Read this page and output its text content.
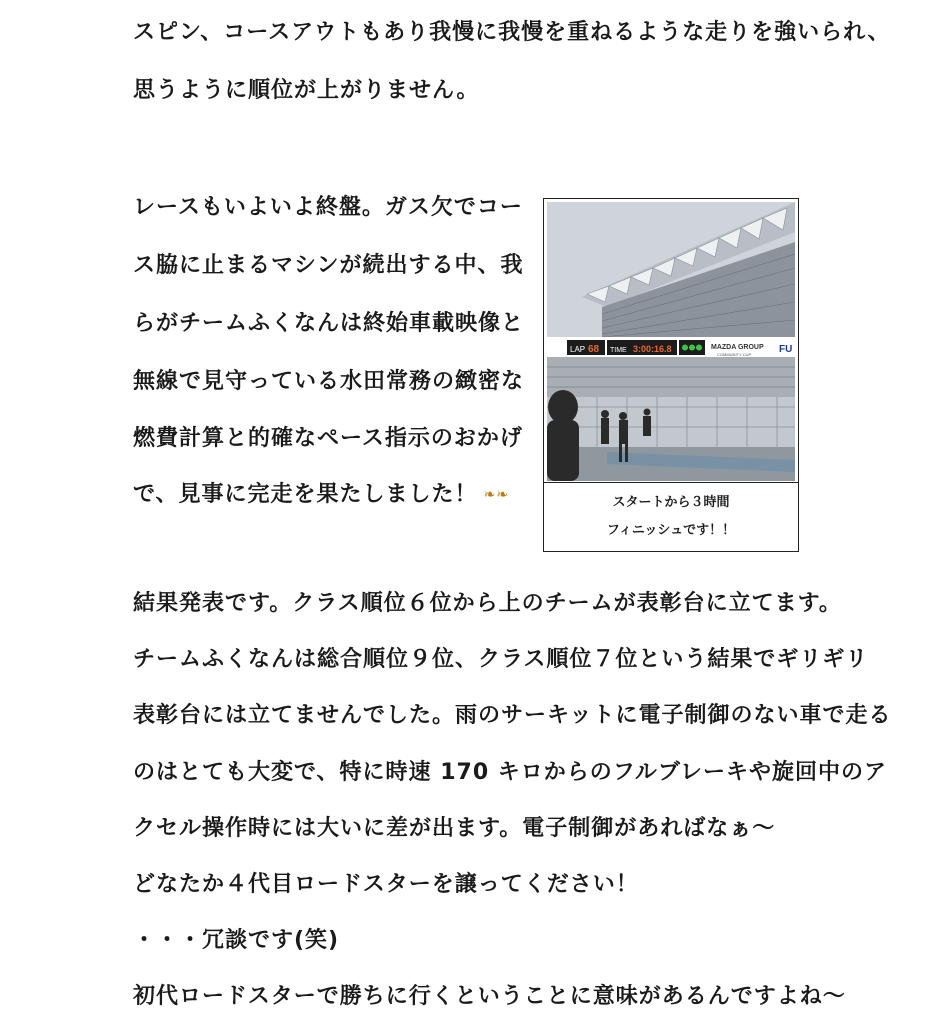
スピン、コースアウトもあり我慢に我慢を重ねるような走りを強いられ、

思うように順位が上がりません。

レースもいよいよ終盤。ガス欠でコー

ス脇に止まるマシンが続出する中、我

らがチームふくなんは終始車載映像と

無線で見守っている水田常務の緻密な

燃費計算と的確なペース指示のおかげ

で、見事に完走を果たしました！ ❧❧

LAP 68 TIME 3:00:16.8	MAZDA GROUP
COMMUNITY CUP	FU
スタートから３時間
フィニッシュです！！

結果発表です。クラス順位６位から上のチームが表彰台に立てます。

チームふくなんは総合順位９位、クラス順位７位という結果でギリギリ

表彰台には立てませんでした。雨のサーキットに電子制御のない車で走る

のはとても大変で、特に時速 170 キロからのフルブレーキや旋回中のア

クセル操作時には大いに差が出ます。電子制御があればなぁ～

どなたか４代目ロードスターを譲ってください！

・・・冗談です(笑)

初代ロードスターで勝ちに行くということに意味があるんですよね～
